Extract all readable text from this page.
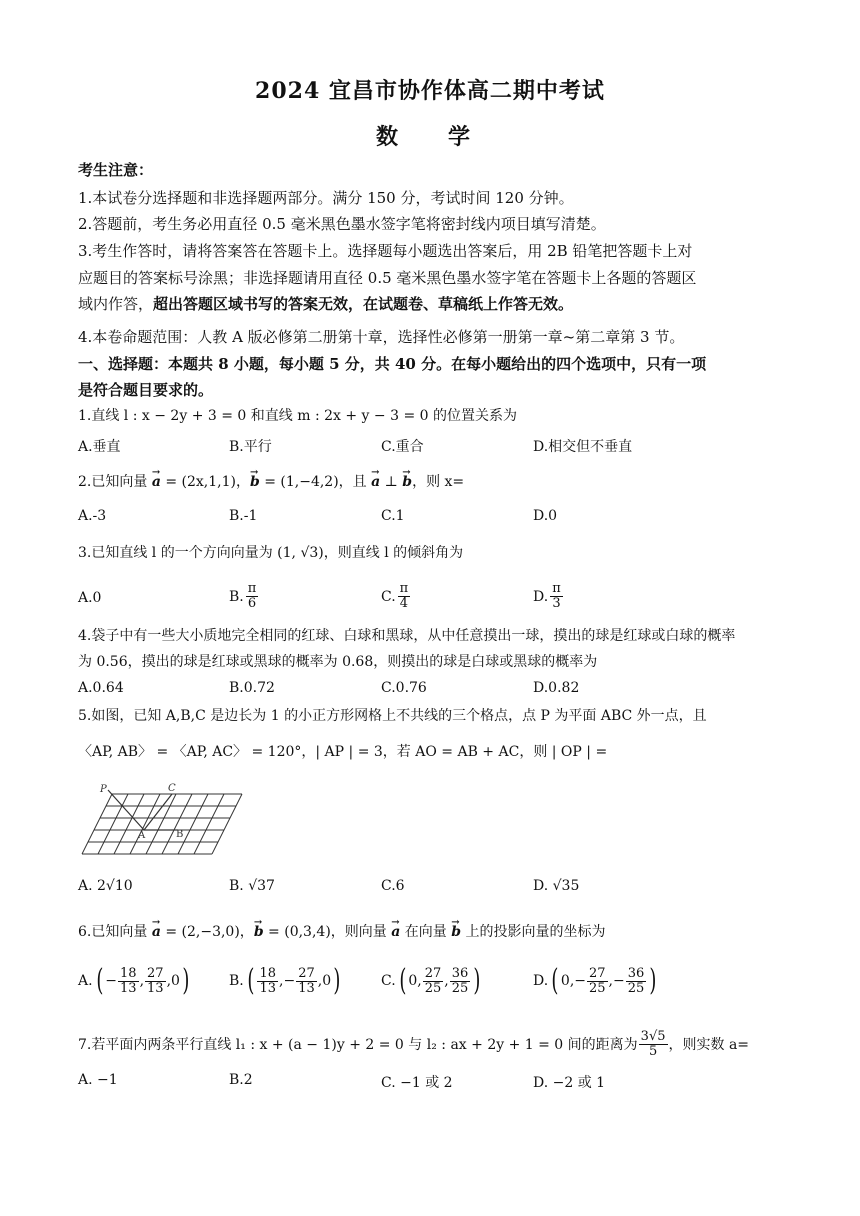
2024 宜昌市协作体高二期中考试
数　学
考生注意：
1.本试卷分选择题和非选择题两部分。满分 150 分，考试时间 120 分钟。
2.答题前，考生务必用直径 0.5 毫米黑色墨水签字笔将密封线内项目填写清楚。
3.考生作答时，请将答案答在答题卡上。选择题每小题选出答案后，用 2B 铅笔把答题卡上对
应题目的答案标号涂黑；非选择题请用直径 0.5 毫米黑色墨水签字笔在答题卡上各题的答题区
域内作答，超出答题区域书写的答案无效，在试题卷、草稿纸上作答无效。
4.本卷命题范围：人教 A 版必修第二册第十章，选择性必修第一册第一章~第二章第 3 节。
一、选择题：本题共 8 小题，每小题 5 分，共 40 分。在每小题给出的四个选项中，只有一项
是符合题目要求的。
1.直线 l : x − 2y + 3 = 0 和直线 m : 2x + y − 3 = 0 的位置关系为
A.垂直	B.平行	C.重合	D.相交但不垂直
2.已知向量 → a = (2x,1,1)，→ b = (1,−4,2)，且 → a ⊥ → b，则 x=
A.-3	B.-1	C.1	D.0
3.已知直线 l 的一个方向向量为 (1, √3)，则直线 l 的倾斜角为
A.0	B. $\frac{\pi}{6}$	C. $\frac{\pi}{4}$	D. $\frac{\pi}{3}$
4.袋子中有一些大小质地完全相同的红球、白球和黑球，从中任意摸出一球，摸出的球是红球或白球的概率
为 0.56，摸出的球是红球或黑球的概率为 0.68，则摸出的球是白球或黑球的概率为
A.0.64	B.0.72	C.0.76	D.0.82
5.如图，已知 A,B,C 是边长为 1 的小正方形网格上不共线的三个格点，点 P 为平面 ABC 外一点，且
〈AP, AB〉 = 〈AP, AC〉 = 120°，| AP | = 3，若 AO = AB + AC，则 | OP | =
P	C
A	B
A. 2√10	B. √37	C.6	D. √35
6.已知向量 → a = (2,−3,0)，→ b = (0,3,4)，则向量 → a 在向量 → b 上的投影向量的坐标为
A. ( − $\frac{18}{13}$ , $\frac{27}{13} ,0$ )	B. ( $\frac{18}{13}$ ,− $\frac{27}{13} ,0$ )	C. ( 0, $\frac{27}{25}$ , $\frac{36}{25}$ )	D. ( $0,- \frac{27}{25}$ ,− $\frac{36}{25}$ )
7.若平面内两条平行直线 l₁ : x + (a − 1)y + 2 = 0 与 l₂ : ax + 2y + 1 = 0 间的距离为 $\frac{3√5}{5}$ ，则实数 a=
A. −1	B.2	C. −1 或 2	D. −2 或 1
